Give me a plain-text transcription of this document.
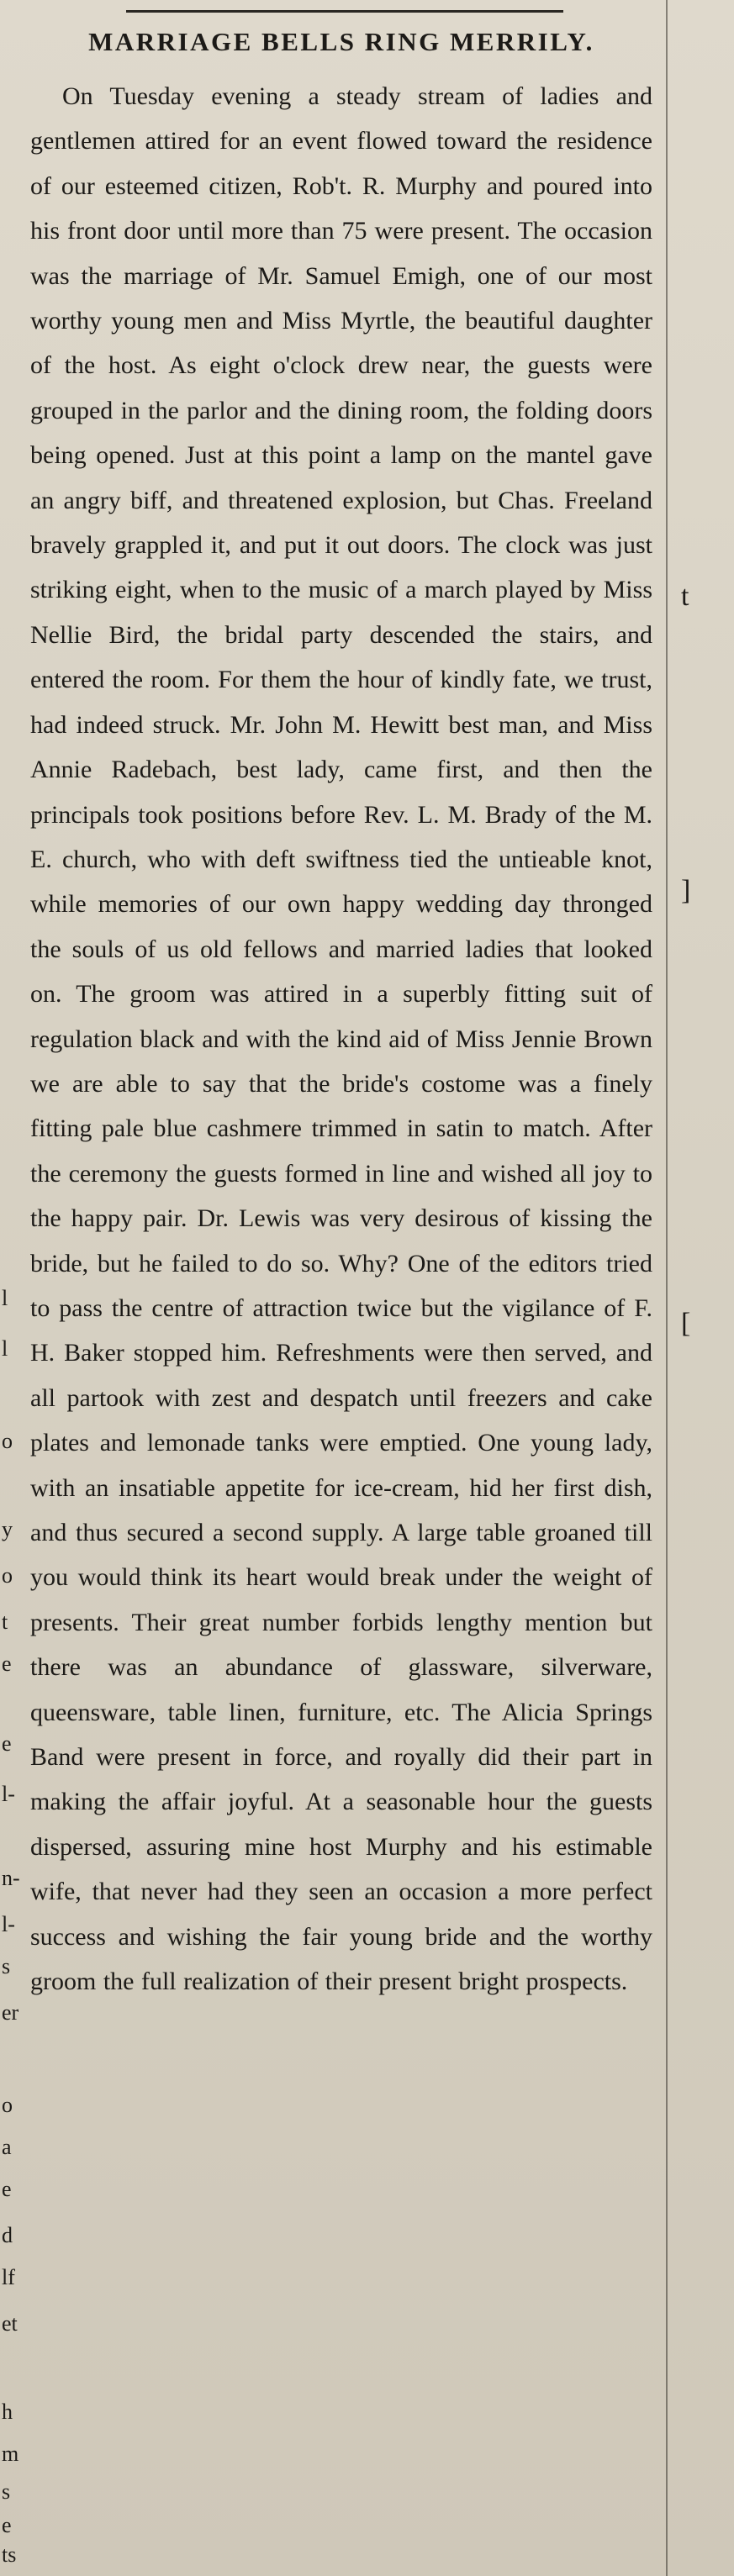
l
l
o
y
o
t
e
e
l-
n-
l-
s
er
o
a
e
d
lf
et
h
m
s
e
ts
t
]
[
MARRIAGE BELLS RING MERRILY.

On Tuesday evening a steady stream of ladies and gentlemen attired for an event flowed toward the residence of our esteemed citizen, Rob't. R. Murphy and poured into his front door until more than 75 were present. The occasion was the marriage of Mr. Samuel Emigh, one of our most worthy young men and Miss Myrtle, the beautiful daughter of the host. As eight o'clock drew near, the guests were grouped in the parlor and the dining room, the folding doors being opened. Just at this point a lamp on the mantel gave an angry biff, and threatened explosion, but Chas. Freeland bravely grappled it, and put it out doors. The clock was just striking eight, when to the music of a march played by Miss Nellie Bird, the bridal party descended the stairs, and entered the room. For them the hour of kindly fate, we trust, had indeed struck. Mr. John M. Hewitt best man, and Miss Annie Radebach, best lady, came first, and then the principals took positions before Rev. L. M. Brady of the M. E. church, who with deft swiftness tied the untieable knot, while memories of our own happy wedding day thronged the souls of us old fellows and married ladies that looked on. The groom was attired in a superbly fitting suit of regulation black and with the kind aid of Miss Jennie Brown we are able to say that the bride's costome was a finely fitting pale blue cashmere trimmed in satin to match. After the ceremony the guests formed in line and wished all joy to the happy pair. Dr. Lewis was very desirous of kissing the bride, but he failed to do so. Why? One of the editors tried to pass the centre of attraction twice but the vigilance of F. H. Baker stopped him. Refreshments were then served, and all partook with zest and despatch until freezers and cake plates and lemonade tanks were emptied. One young lady, with an insatiable appetite for ice-cream, hid her first dish, and thus secured a second supply. A large table groaned till you would think its heart would break under the weight of presents. Their great number forbids lengthy mention but there was an abundance of glassware, silverware, queensware, table linen, furniture, etc. The Alicia Springs Band were present in force, and royally did their part in making the affair joyful. At a seasonable hour the guests dispersed, assuring mine host Murphy and his estimable wife, that never had they seen an occasion a more perfect success and wishing the fair young bride and the worthy groom the full realization of their present bright prospects.
